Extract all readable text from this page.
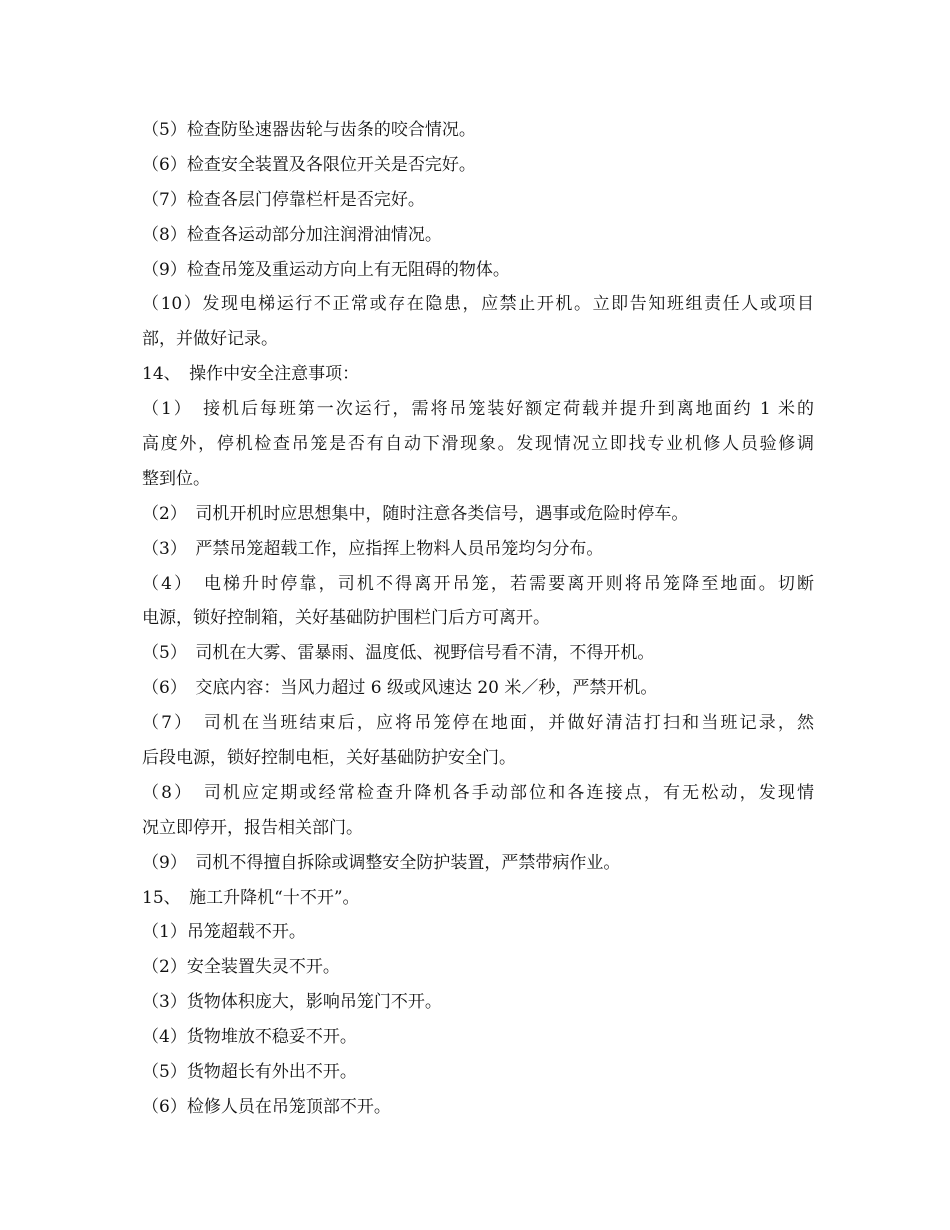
（5）检查防坠速器齿轮与齿条的咬合情况。
（6）检查安全装置及各限位开关是否完好。
（7）检查各层门停靠栏杆是否完好。
（8）检查各运动部分加注润滑油情况。
（9）检查吊笼及重运动方向上有无阻碍的物体。
（10）发现电梯运行不正常或存在隐患，应禁止开机。立即告知班组责任人或项目
部，并做好记录。
14、　操作中安全注意事项：
（1）　接机后每班第一次运行，需将吊笼装好额定荷载并提升到离地面约 1 米的
高度外，停机检查吊笼是否有自动下滑现象。发现情况立即找专业机修人员验修调
整到位。
（2）　司机开机时应思想集中，随时注意各类信号，遇事或危险时停车。
（3）　严禁吊笼超载工作，应指挥上物料人员吊笼均匀分布。
（4）　电梯升时停靠，司机不得离开吊笼，若需要离开则将吊笼降至地面。切断
电源，锁好控制箱，关好基础防护围栏门后方可离开。
（5）　司机在大雾、雷暴雨、温度低、视野信号看不清，不得开机。
（6）　交底内容：当风力超过 6 级或风速达 20 米／秒，严禁开机。
（7）　司机在当班结束后，应将吊笼停在地面，并做好清洁打扫和当班记录，然
后段电源，锁好控制电柜，关好基础防护安全门。
（8）　司机应定期或经常检查升降机各手动部位和各连接点，有无松动，发现情
况立即停开，报告相关部门。
（9）　司机不得擅自拆除或调整安全防护装置，严禁带病作业。
15、　施工升降机“十不开”。
（1）吊笼超载不开。
（2）安全装置失灵不开。
（3）货物体积庞大，影响吊笼门不开。
（4）货物堆放不稳妥不开。
（5）货物超长有外出不开。
（6）检修人员在吊笼顶部不开。
